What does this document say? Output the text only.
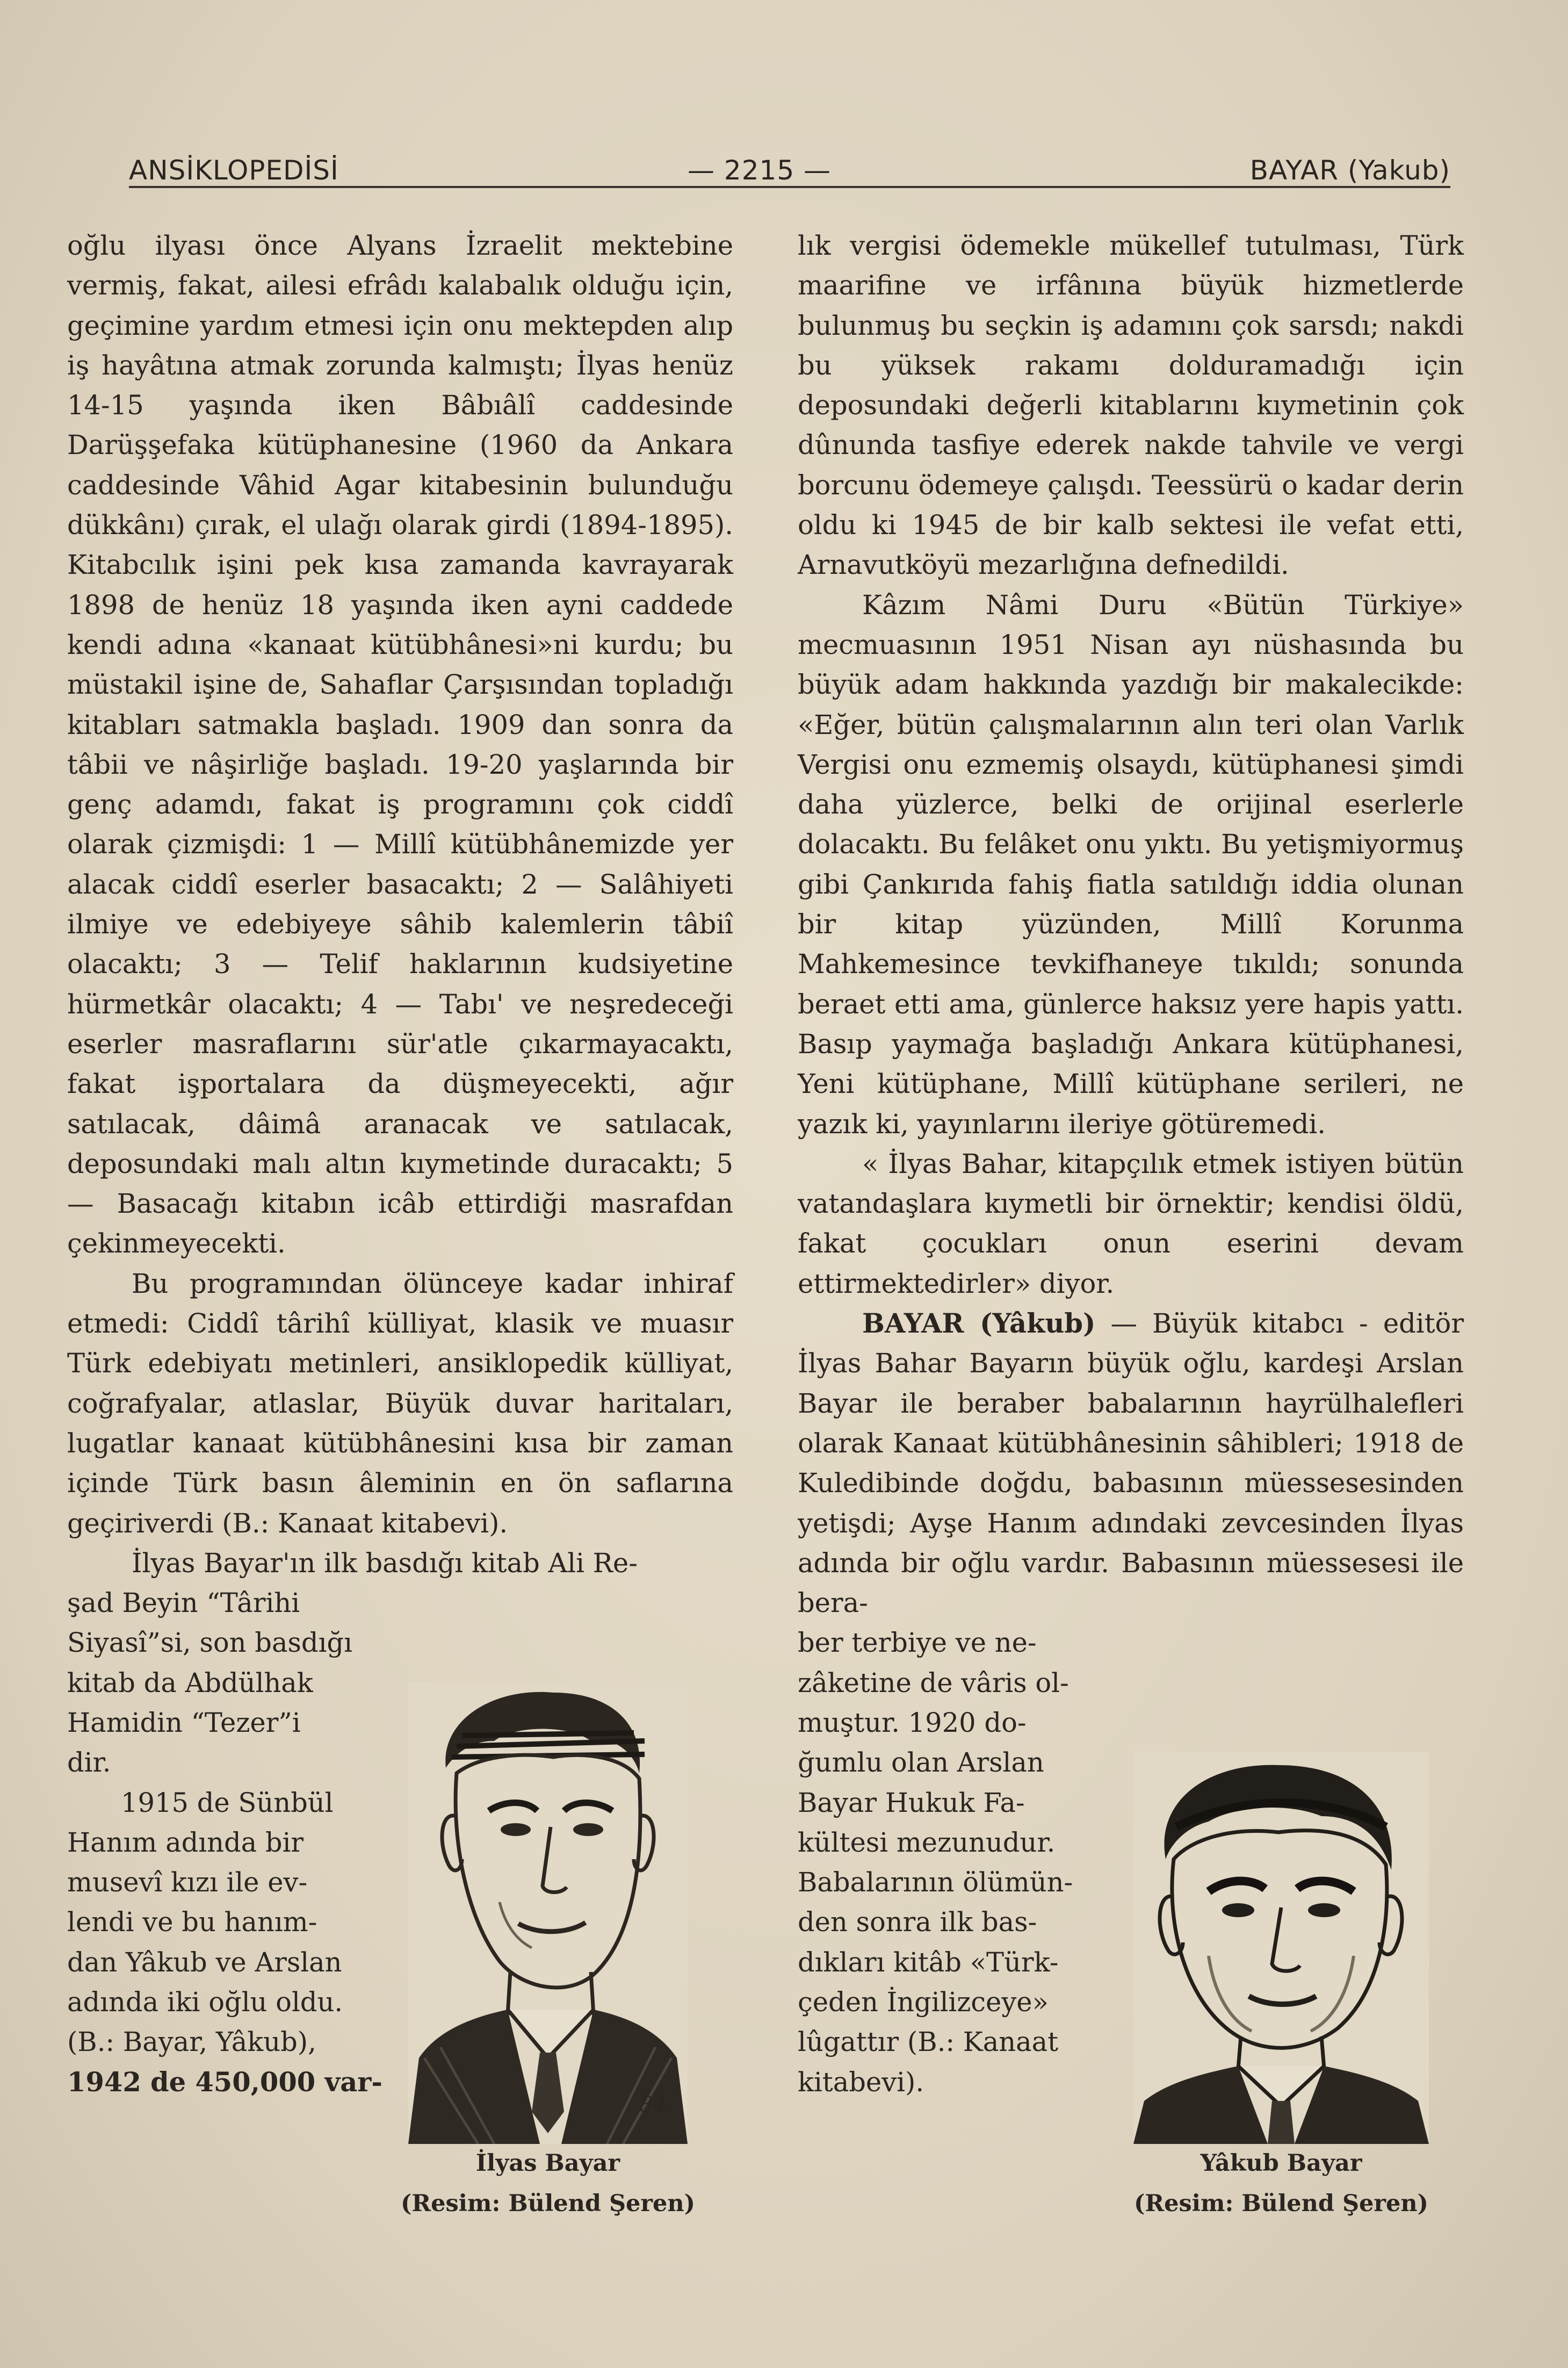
ANSİKLOPEDİSİ	— 2215 —	BAYAR (Yakub)

oğlu ilyası önce Alyans İzraelit mektebine vermiş, fakat, ailesi efrâdı kalabalık olduğu için, geçimine yardım etmesi için onu mektepden alıp iş hayâtına atmak zorunda kalmıştı; İlyas henüz 14-15 yaşında iken Bâbıâlî caddesinde Darüşşefaka kütüphanesine (1960 da Ankara caddesinde Vâhid Agar kitabesinin bulunduğu dükkânı) çırak, el ulağı olarak girdi (1894-1895). Kitabcılık işini pek kısa zamanda kavrayarak 1898 de henüz 18 yaşında iken ayni caddede kendi adına «kanaat kütübhânesi»ni kurdu; bu müstakil işine de, Sahaflar Çarşısından topladığı kitabları satmakla başladı. 1909 dan sonra da tâbii ve nâşirliğe başladı. 19-20 yaşlarında bir genç adamdı, fakat iş programını çok ciddî olarak çizmişdi: 1 — Millî kütübhânemizde yer alacak ciddî eserler basacaktı; 2 — Salâhiyeti ilmiye ve edebiyeye sâhib kalemlerin tâbiî olacaktı; 3 — Telif haklarının kudsiyetine hürmetkâr olacaktı; 4 — Tabı' ve neşredeceği eserler masraflarını sür'atle çıkarmayacaktı, fakat işportalara da düşmeyecekti, ağır satılacak, dâimâ aranacak ve satılacak, deposundaki malı altın kıymetinde duracaktı; 5 — Basacağı kitabın icâb ettirdiği masrafdan çekinmeyecekti.

Bu programından ölünceye kadar inhiraf etmedi: Ciddî târihî külliyat, klasik ve muasır Türk edebiyatı metinleri, ansiklopedik külliyat, coğrafyalar, atlaslar, Büyük duvar haritaları, lugatlar kanaat kütübhânesini kısa bir zaman içinde Türk basın âleminin en ön saflarına geçiriverdi (B.: Kanaat kitabevi).

İlyas Bayar'ın ilk basdığı kitab Ali Re-

şad Beyin “Târihi
Siyasî”si, son basdığı
kitab da Abdülhak
Hamidin “Tezer”i
dir.
1915 de Sünbül
Hanım adında bir
musevî kızı ile ev-
lendi ve bu hanım-
dan Yâkub ve Arslan
adında iki oğlu oldu.
(B.: Bayar, Yâkub),
1942 de 450,000 var-
84
İlyas Bayar
(Resim: Bülend Şeren)

lık vergisi ödemekle mükellef tutulması, Türk maarifine ve irfânına büyük hizmetlerde bulunmuş bu seçkin iş adamını çok sarsdı; nakdi bu yüksek rakamı dolduramadığı için deposundaki değerli kitablarını kıymetinin çok dûnunda tasfiye ederek nakde tahvile ve vergi borcunu ödemeye çalışdı. Teessürü o kadar derin oldu ki 1945 de bir kalb sektesi ile vefat etti, Arnavutköyü mezarlığına defnedildi.

Kâzım Nâmi Duru «Bütün Türkiye» mecmuasının 1951 Nisan ayı nüshasında bu büyük adam hakkında yazdığı bir makalecikde: «Eğer, bütün çalışmalarının alın teri olan Varlık Vergisi onu ezmemiş olsaydı, kütüphanesi şimdi daha yüzlerce, belki de orijinal eserlerle dolacaktı. Bu felâket onu yıktı. Bu yetişmiyormuş gibi Çankırıda fahiş fiatla satıldığı iddia olunan bir kitap yüzünden, Millî Korunma Mahkemesince tevkifhaneye tıkıldı; sonunda beraet etti ama, günlerce haksız yere hapis yattı. Basıp yaymağa başladığı Ankara kütüphanesi, Yeni kütüphane, Millî kütüphane serileri, ne yazık ki, yayınlarını ileriye götüremedi.

« İlyas Bahar, kitapçılık etmek istiyen bütün vatandaşlara kıymetli bir örnektir; kendisi öldü, fakat çocukları onun eserini devam ettirmektedirler» diyor.

BAYAR (Yâkub) — Büyük kitabcı - editör İlyas Bahar Bayarın büyük oğlu, kardeşi Arslan Bayar ile beraber babalarının hayrülhalefleri olarak Kanaat kütübhânesinin sâhibleri; 1918 de Kuledibinde doğdu, babasının müessesesinden yetişdi; Ayşe Hanım adındaki zevcesinden İlyas adında bir oğlu vardır. Babasının müessesesi ile bera-

ber terbiye ve ne-
zâketine de vâris ol-
muştur. 1920 do-
ğumlu olan Arslan
Bayar Hukuk Fa-
kültesi mezunudur.
Babalarının ölümün-
den sonra ilk bas-
dıkları kitâb «Türk-
çeden İngilizceye»
lûgattır (B.: Kanaat
kitabevi).
Yâkub Bayar
(Resim: Bülend Şeren)
